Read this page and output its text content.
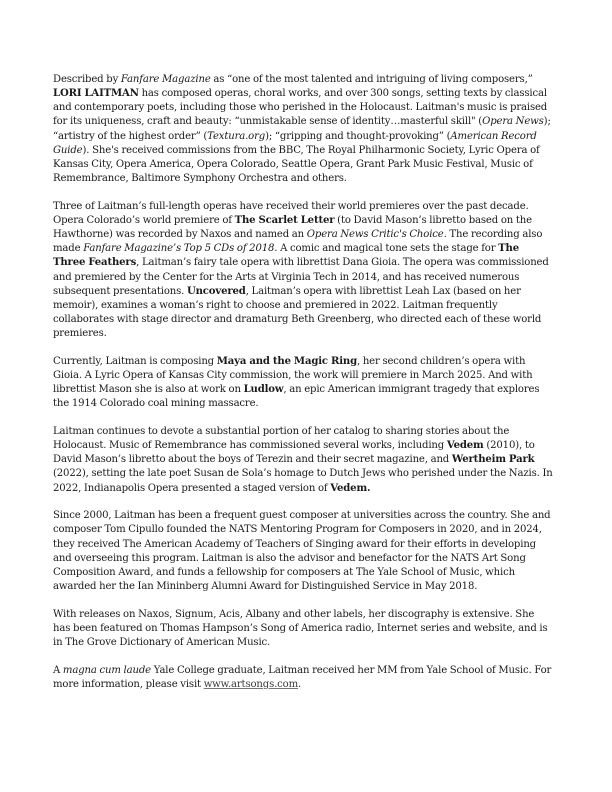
Described by Fanfare Magazine as “one of the most talented and intriguing of living composers,” LORI LAITMAN has composed operas, choral works, and over 300 songs, setting texts by classical and contemporary poets, including those who perished in the Holocaust. Laitman's music is praised for its uniqueness, craft and beauty: “unmistakable sense of identity…masterful skill" (Opera News); “artistry of the highest order” (Textura.org); “gripping and thought-provoking” (American Record Guide). She's received commissions from the BBC, The Royal Philharmonic Society, Lyric Opera of Kansas City, Opera America, Opera Colorado, Seattle Opera, Grant Park Music Festival, Music of Remembrance, Baltimore Symphony Orchestra and others.

Three of Laitman’s full-length operas have received their world premieres over the past decade. Opera Colorado’s world premiere of The Scarlet Letter (to David Mason’s libretto based on the Hawthorne) was recorded by Naxos and named an Opera News Critic's Choice. The recording also made Fanfare Magazine’s Top 5 CDs of 2018. A comic and magical tone sets the stage for The Three Feathers, Laitman’s fairy tale opera with librettist Dana Gioia. The opera was commissioned and premiered by the Center for the Arts at Virginia Tech in 2014, and has received numerous subsequent presentations. Uncovered, Laitman’s opera with librettist Leah Lax (based on her memoir), examines a woman’s right to choose and premiered in 2022. Laitman frequently collaborates with stage director and dramaturg Beth Greenberg, who directed each of these world premieres.

Currently, Laitman is composing Maya and the Magic Ring, her second children’s opera with Gioia. A Lyric Opera of Kansas City commission, the work will premiere in March 2025. And with librettist Mason she is also at work on Ludlow, an epic American immigrant tragedy that explores the 1914 Colorado coal mining massacre.

Laitman continues to devote a substantial portion of her catalog to sharing stories about the Holocaust. Music of Remembrance has commissioned several works, including Vedem (2010), to David Mason’s libretto about the boys of Terezin and their secret magazine, and Wertheim Park (2022), setting the late poet Susan de Sola’s homage to Dutch Jews who perished under the Nazis. In 2022, Indianapolis Opera presented a staged version of Vedem.

Since 2000, Laitman has been a frequent guest composer at universities across the country. She and composer Tom Cipullo founded the NATS Mentoring Program for Composers in 2020, and in 2024, they received The American Academy of Teachers of Singing award for their efforts in developing and overseeing this program. Laitman is also the advisor and benefactor for the NATS Art Song Composition Award, and funds a fellowship for composers at The Yale School of Music, which awarded her the Ian Mininberg Alumni Award for Distinguished Service in May 2018.

With releases on Naxos, Signum, Acis, Albany and other labels, her discography is extensive. She has been featured on Thomas Hampson’s Song of America radio, Internet series and website, and is in The Grove Dictionary of American Music.

A magna cum laude Yale College graduate, Laitman received her MM from Yale School of Music. For more information, please visit www.artsongs.com.
